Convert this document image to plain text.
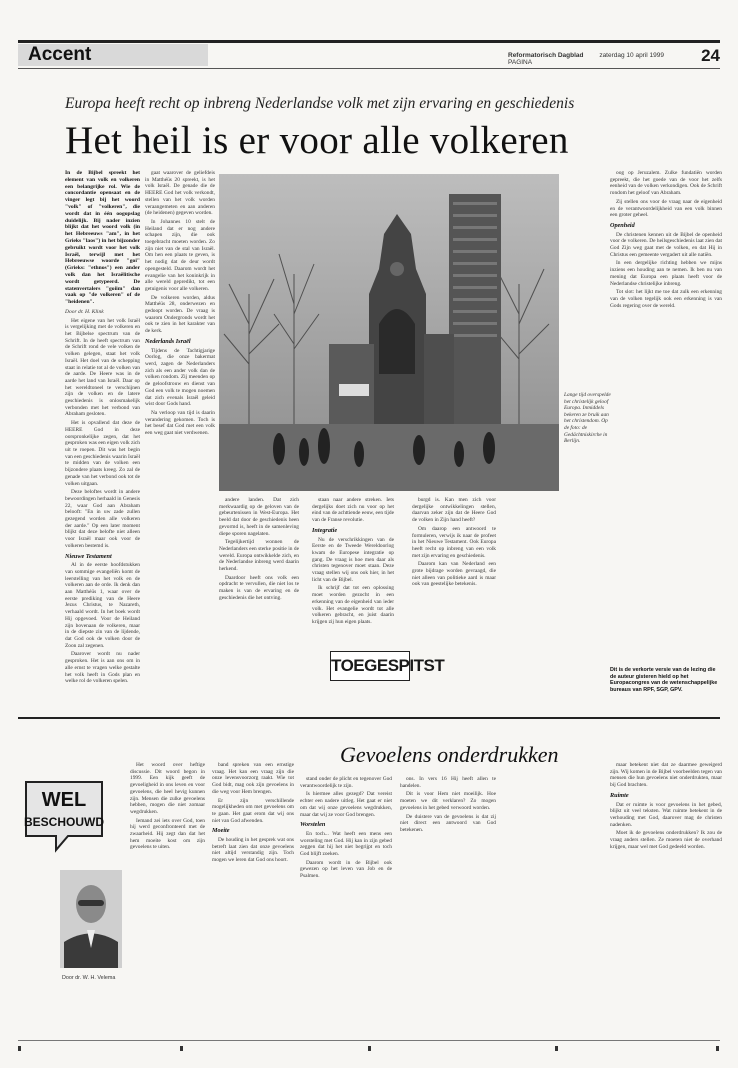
Accent	Reformatorisch Dagblad zaterdag 10 april 1999 PAGINA	24
Europa heeft recht op inbreng Nederlandse volk met zijn ervaring en geschiedenis
Het heil is er voor alle volkeren

In de Bijbel spreekt het element van volk en volkeren een belangrijke rol. Wie de concordantie opensaat en de vinger legt bij het woord "volk" of "volkeren", die wordt dat in één oogopslag duidelijk. Bij nader inzien blijkt dat het woord volk (in het Hebreeuws "am", in het Grieks "laos") in het bijzonder gebruikt wordt voor het volk Israël, terwijl met het Hebreeuwse woorde "goi" (Grieks: "ethnos") een ander volk dan het Israëlitische wordt getypeerd. De statenvertalers "goiim" dan vaak op "de volkeren" of de "heidenen".

Door dr. H. Klink

Het eigene van het volk Israël is vergelijking met de volkeren en het Bijbelse spectrum van de Schrift. In de heeft spectrum van de Schrift rond de vele volken de volken gelegen, staat het volk Israël. Het doel van de schepping staat in relatie tot al de volken van de aarde. De Heere was in de aarde het land van Israël. Daar op het wereldtoneel te verschijnen zijn de volken en de latere geschiedenis is onlosmakelijk verbonden met het verbond van Abraham gesloten.

Het is opvallend dat deze de HEERE God in deze oorspronkelijke zegen, dat het gesproken was een eigen volk zich uit te roepen. Dit was het begin van een geschiedenis waarin Israël te midden van de volken een bijzondere plaats kreeg. Zo zal de genade van het verbond ook tot de volken uitgaan.

Deze beloftes wordt in andere bewoordingen herhaald in Genesis 22, waar God aan Abraham belooft: "En in uw zade zullen gezegend worden alle volkeren der aarde." Op een later moment blijkt dat deze belofte niet alleen voor Israël maar ook voor de volkeren bestemd is.

Nieuwe Testament

Al in de eerste hoofdstukken van sommige evangeliën komt de leerstelling van het volk en de volkeren aan de orde. Ik denk dan aan Matthéüs 1, waar over de eerste prediking van de Heere Jezus Christus, te Nazareth, verhaald wordt. In het boek wordt Hij opgevoed. Voor de Heiland zijn bovenaan de volkeren, maar in de diepste zin van de lijdende, dat God ook de volken door de Zoon zal zegenen.

Daarover wordt nu nader gesproken. Het is aan ons om in alle ernst te vragen welke gestalte het volk heeft in Gods plan en welke rol de volkeren spelen.

gaat waarover de geliefdeis in Matthéüs 20 spreekt, is het volk Israël. De genade die de HEERE God het volk verkondt, stellen van het volk worden veraangemeten en aan anderen (de heidenen) gegeven worden.

In Johannes 10 stelt de Heiland dat er nog andere schapen zijn, die ook toegebracht moeten worden. Zo zijn niet van de stal van Israël. Om hen een plaats te geven, is het nodig dat de deur wordt opengesteld. Daarom wordt het evangelie van het koninkrijk in alle wereld gepredikt, tot een getuigenis voor alle volkeren.

De volkeren worden, aldus Matthéüs 28, onderwezen en gedoopt worden. De vraag is waarom Ondergronds wordt het ook te zien in het karakter van de kerk.

Nederlands Israël

Tijdens de Tachtigjarige Oorlog, die onze bakermat werd, zagen de Nederlanders zich als een ander volk dan de volken rondom. Zij meenden op de geloofstrouw en dienst van God een volk te mogen noemen dat zich evenals Israël geleid wist door Gods hand.

Na verloop van tijd is daarin verandering gekomen. Toch is het besef dat God met een volk een weg gaat niet verdwenen.

Lange tijd overspelde het christelijk geloof Europa. Inmiddels bekeren ze bruik aan het christendom. Op de foto: de Gedächtniskirche in Berlijn.

andere landen. Dat zich merkwaardig op de geloven van de gebeurtenissen in West-Europa. Het beeld dat door de geschiedenis heen gevormd is, heeft in de samenleving diepe sporen nagelaten.

Tegelijkertijd wonnen de Nederlanders een sterke positie in de wereld. Europa ontwikkelde zich, en de Nederlandse inbreng werd daarin herkend.

Daardoor heeft ons volk een opdracht te vervullen, die niet los te maken is van de ervaring en de geschiedenis die het ontving.

staan naar andere streken. Iets dergelijks doet zich nu voor op het eind van de achttiende eeuw, een tijde van de Franse revolutie.

Integratie

Nu de verschrikkingen van de Eerste en de Tweede Wereldoorlog kwam de Europese integratie op gang. De vraag is hoe men daar als christen tegenover moet staan. Deze vraag stellen wij ons ook hier, in het licht van de Bijbel.

Ik schrijf dat tot een oplossing moet worden gezocht in een erkenning van de eigenheid van ieder volk. Het evangelie wordt tot alle volkeren gebracht, en juist daarin krijgen zij hun eigen plaats.

TOEGESPITST

burgd is. Kan men zich voor dergelijke ontwikkelingen stellen, daarvan zeker zijn dat de Heere God de volken in Zijn hand heeft?

Om daarop een antwoord te formuleren, verwijs ik naar de profeet in het Nieuwe Testament. Ook Europa heeft recht op inbreng van een volk met zijn ervaring en geschiedenis.

Daarom kan van Nederland een grote bijdrage worden gevraagd, die niet alleen van politieke aard is maar ook van geestelijke betekenis.

oog op Jeruzalem. Zulke fundatiën worden gepreekt, die het goede van de voor het zelfs eenheid van de volken verkondigen. Ook de Schrift rondom het geloof van Abraham.

Zij stellen ons voor de vraag naar de eigenheid en de verantwoordelijkheid van een volk binnen een groter geheel.

Openheid

De christenen kennen uit de Bijbel de openheid voor de volkeren. De heilsgeschiedenis laat zien dat God Zijn weg gaat met de volken, en dat Hij in Christus een gemeente vergadert uit alle natiën.

In een dergelijke richting hebben we mijns inziens een houding aan te nemen. Ik ben nu van mening dat Europa een plaats heeft voor de Nederlandse christelijke inbreng.

Tot slot: het lijkt me toe dat zulk een erkenning van de volken tegelijk ook een erkenning is van Gods regering over de wereld.

Dit is de verkorte versie van de lezing die de auteur gisteren hield op het Europacongres van de wetenschappelijke bureaus van RPF, SGP, GPV.
WEL
BESCHOUWD
Door dr. W. H. Velema
Gevoelens onderdrukken

Het woord over heftige discussie. Dit woord begon in 1999. Een kijk geeft de gevoeligheid in ons leven en voor gevoelens, die heel hevig kunnen zijn. Mensen die zulke gevoelens hebben, mogen die niet zomaar wegdrukken.

Iemand zei iets over God, toen hij werd geconfronteerd met de zwaarheid. Hij zegt dan dat het hem moeite kost om zijn gevoelens te uiten.

band spreken van een ernstige vraag. Het kan een vraag zijn die onze levensvoorzorg raakt. Wie tot God bidt, mag ook zijn gevoelens in die weg voor Hem brengen.

Er zijn verschillende mogelijkheden om met gevoelens om te gaan. Het gaat erom dat wij ons niet van God afwenden.

Moeite

De houding in het gesprek wat ons betreft laat zien dat onze gevoelens niet altijd verstandig zijn. Toch mogen we leren dat God ons hoort.

stand onder de plicht en tegenover God verantwoordelijk te zijn.

Is hiermee alles gezegd? Dat vereist echter een nadere uitleg. Het gaat er niet om dat wij onze gevoelens wegdrukken, maar dat wij ze voor God brengen.

Worstelen

En toch... Wat heeft een mens een worsteling met God. Hij kan in zijn gebed zeggen dat hij het niet begrijpt en toch God blijft zoeken.

Daarom wordt in de Bijbel ook gewezen op het leven van Job en de Psalmen.

ons. In vers 16 Hij heeft allen te handelen.

Dit is voor Hem niet moeilijk. Hoe moeten we dit verklaren? Zo mogen gevoelens in het gebed verwoord worden.

De duistere van de gevoelens is dat zij niet direct een antwoord van God betekenen.

maar betekent niet dat ze daarmee geweigerd zijn. Wij komen in de Bijbel voorbeelden tegen van mensen die hun gevoelens niet onderdrukten, maar bij God brachten.

Ruimte

Dat er ruimte is voor gevoelens in het gebed, blijkt uit veel teksten. Wat ruimte betekent in de verhouding met God, daarover mag de christen nadenken.

Moet ik de gevoelens onderdrukken? Ik zou de vraag anders stellen. Ze moeten niet de overhand krijgen, maar wel met God gedeeld worden.
